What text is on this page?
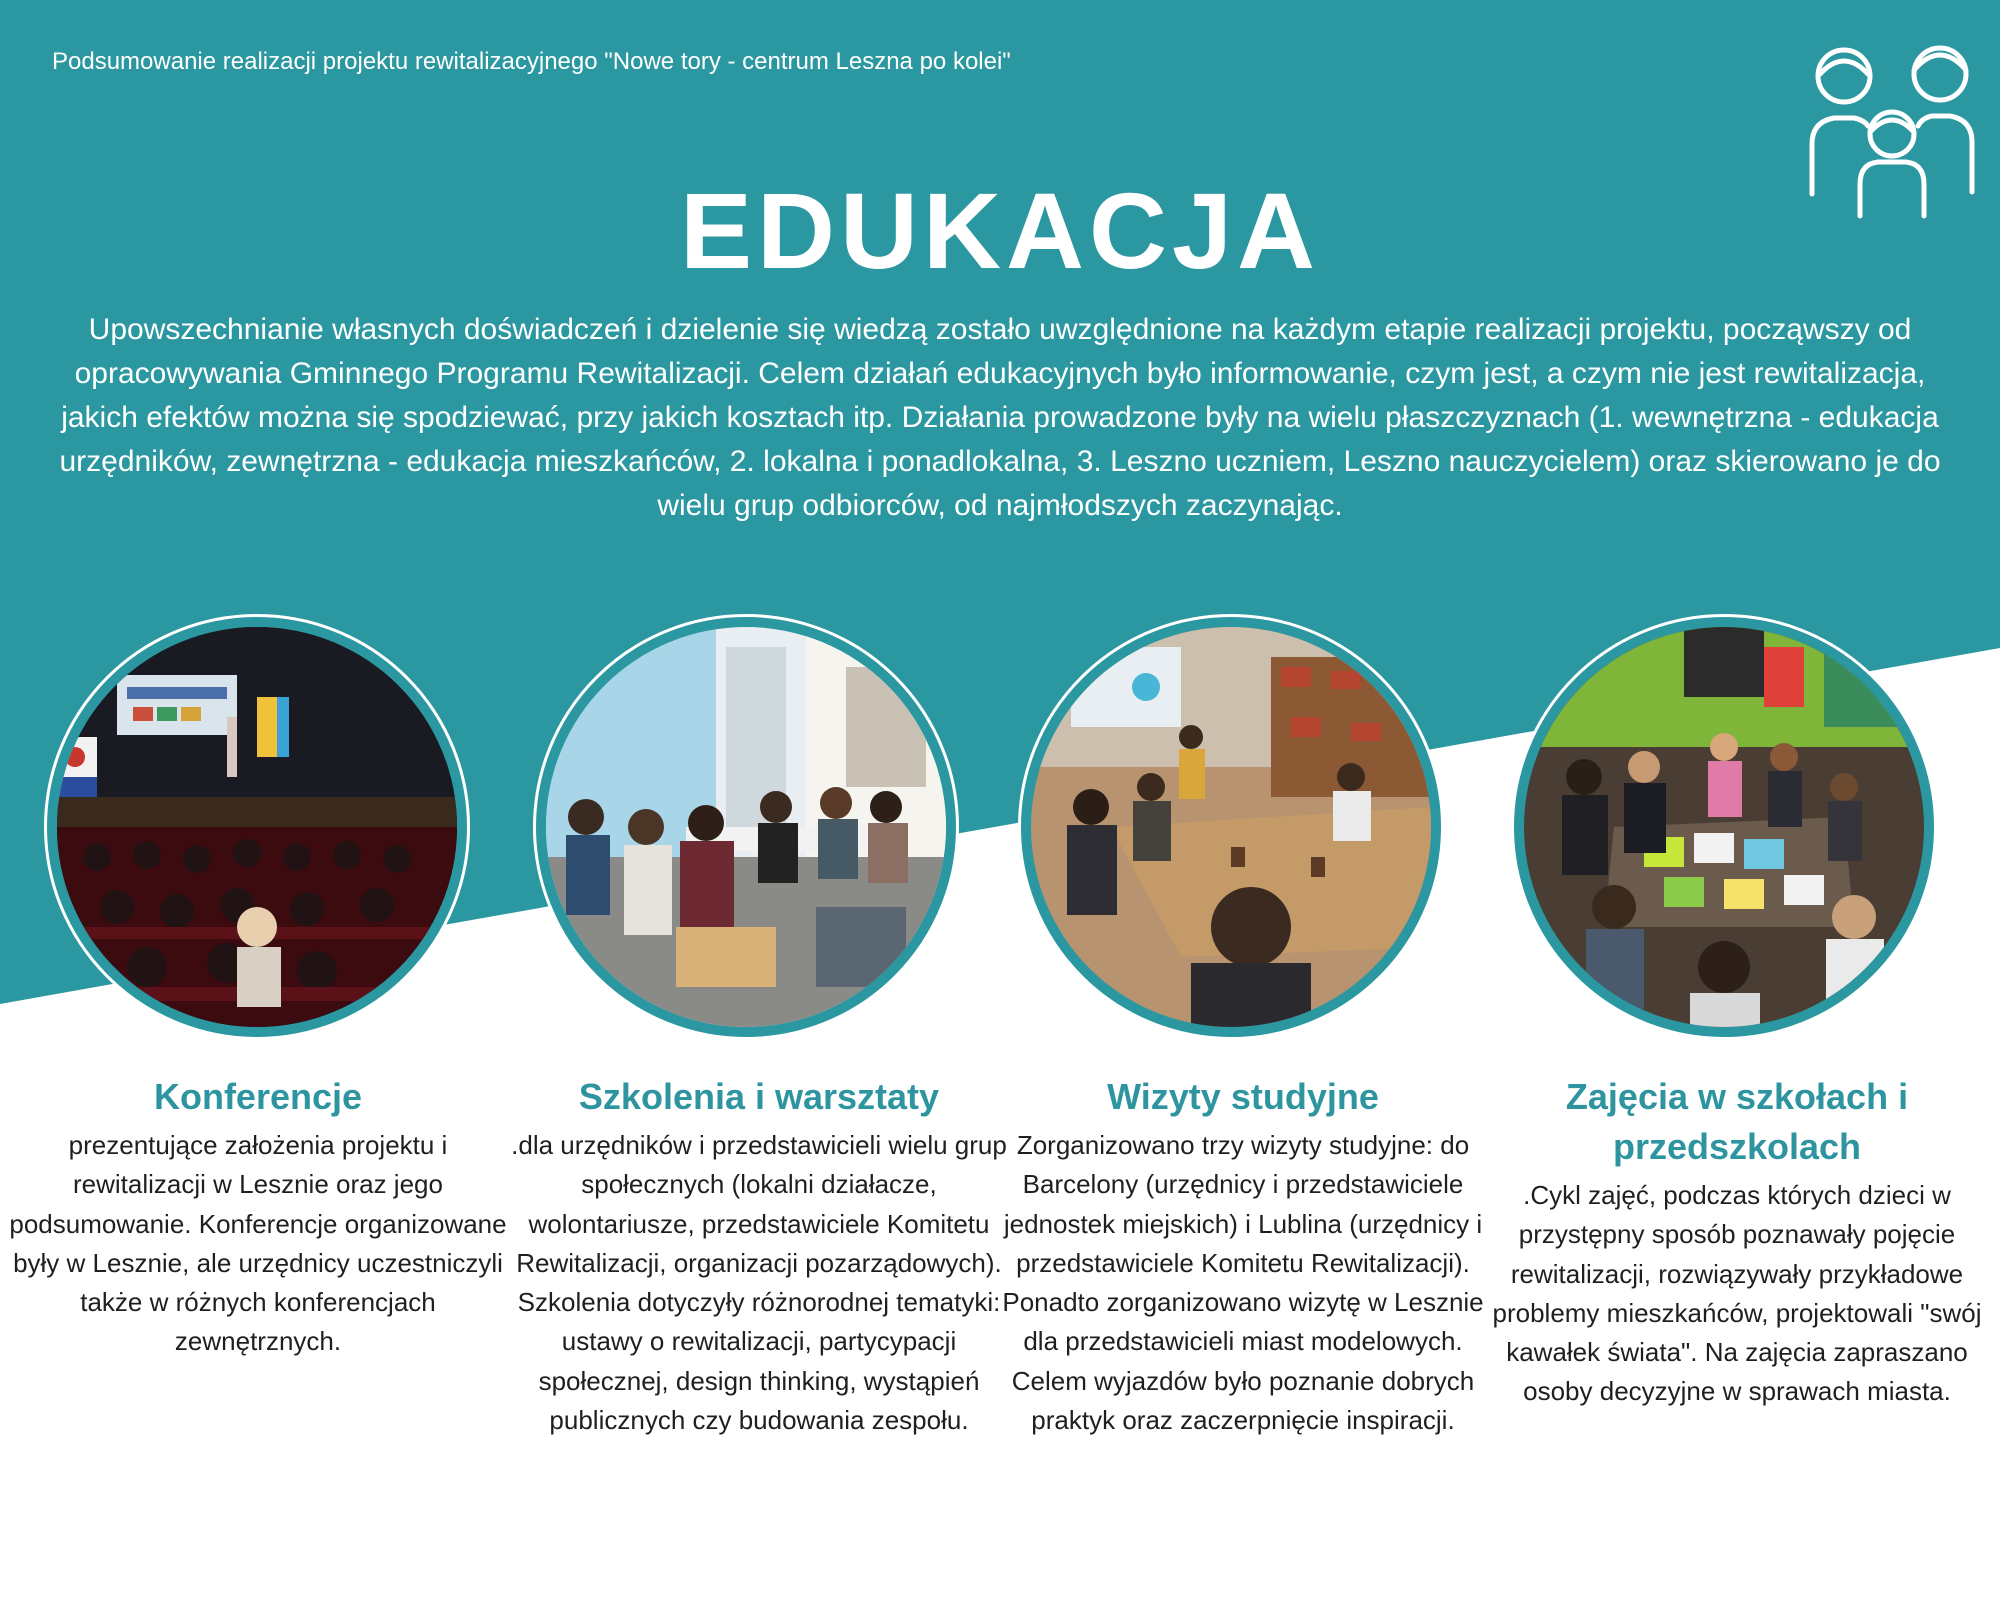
Podsumowanie realizacji projektu rewitalizacyjnego "Nowe tory - centrum Leszna po kolei"
EDUKACJA
Upowszechnianie własnych doświadczeń i dzielenie się wiedzą zostało uwzględnione na każdym etapie realizacji projektu, począwszy od opracowywania Gminnego Programu Rewitalizacji. Celem działań edukacyjnych było informowanie, czym jest, a czym nie jest rewitalizacja, jakich efektów można się spodziewać, przy jakich kosztach itp. Działania prowadzone były na wielu płaszczyznach (1. wewnętrzna - edukacja urzędników, zewnętrzna - edukacja mieszkańców, 2. lokalna i ponadlokalna, 3. Leszno uczniem, Leszno nauczycielem) oraz skierowano je do wielu grup odbiorców, od najmłodszych zaczynając.
Konferencje

prezentujące założenia projektu i rewitalizacji w Lesznie oraz jego podsumowanie. Konferencje organizowane były w Lesznie, ale urzędnicy uczestniczyli także w różnych konferencjach zewnętrznych.

Szkolenia i warsztaty

.dla urzędników i przedstawicieli wielu grup społecznych (lokalni działacze, wolontariusze, przedstawiciele Komitetu Rewitalizacji, organizacji pozarządowych). Szkolenia dotyczyły różnorodnej tematyki: ustawy o rewitalizacji, partycypacji społecznej, design thinking, wystąpień publicznych czy budowania zespołu.

Wizyty studyjne

Zorganizowano trzy wizyty studyjne: do Barcelony (urzędnicy i przedstawiciele jednostek miejskich) i Lublina (urzędnicy i przedstawiciele Komitetu Rewitalizacji). Ponadto zorganizowano wizytę w Lesznie dla przedstawicieli miast modelowych. Celem wyjazdów było poznanie dobrych praktyk oraz zaczerpnięcie inspiracji.

Zajęcia w szkołach i przedszkolach

.Cykl zajęć, podczas których dzieci w przystępny sposób poznawały pojęcie rewitalizacji, rozwiązywały przykładowe problemy mieszkańców, projektowali "swój kawałek świata". Na zajęcia zapraszano osoby decyzyjne w sprawach miasta.
